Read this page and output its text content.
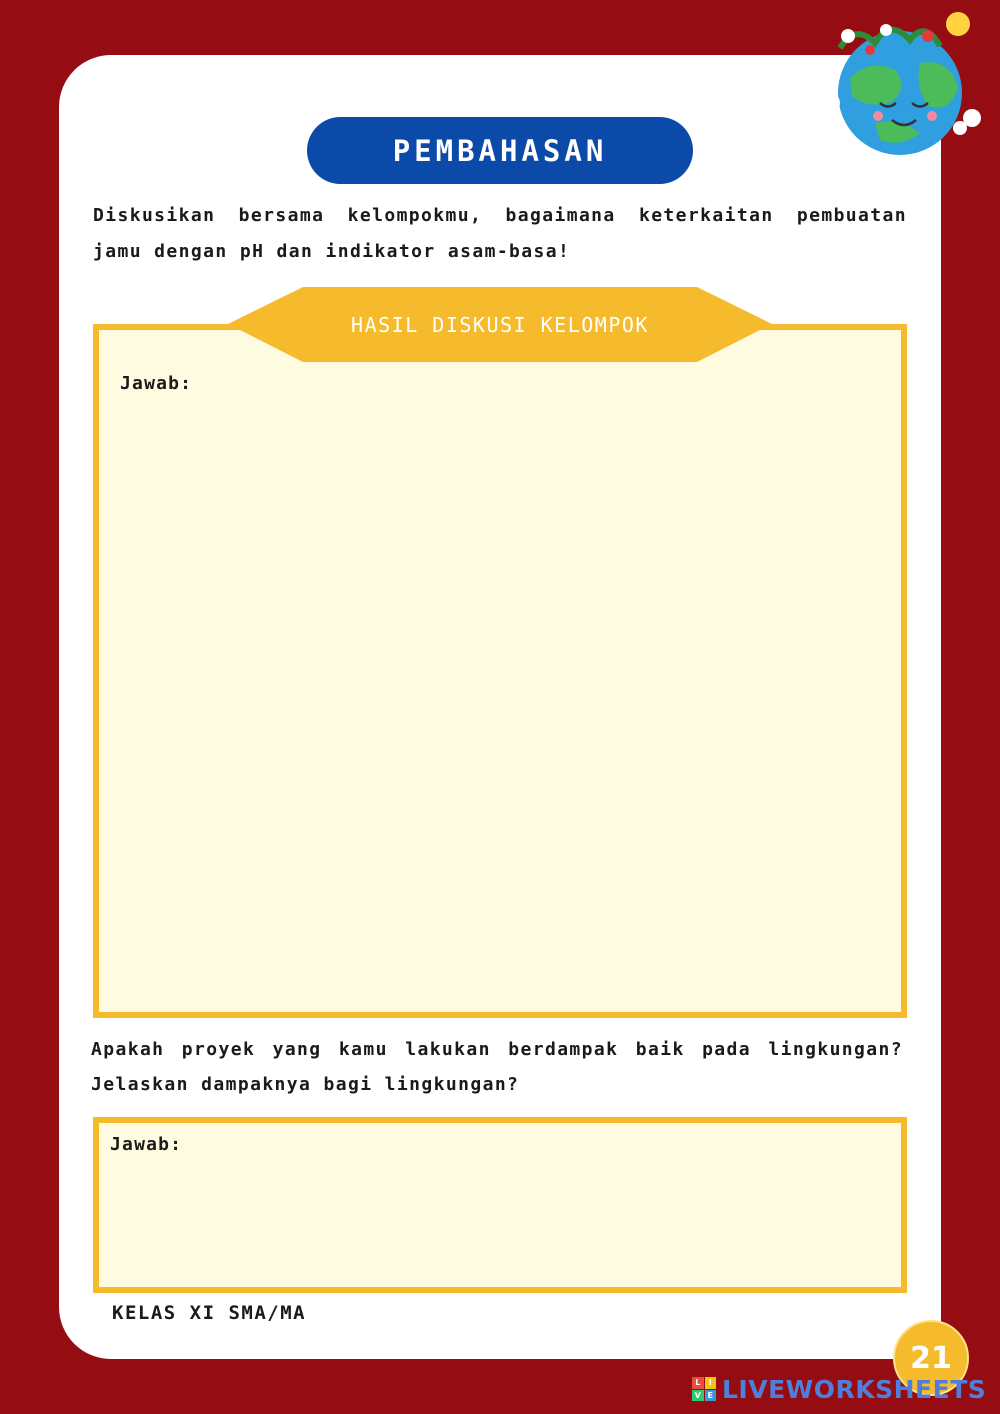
PEMBAHASAN
Diskusikan bersama kelompokmu, bagaimana keterkaitan pembuatan jamu dengan pH dan indikator asam-basa!
HASIL DISKUSI KELOMPOK
Jawab:
Apakah proyek yang kamu lakukan berdampak baik pada lingkungan? Jelaskan dampaknya bagi lingkungan?
Jawab:
KELAS XI SMA/MA
21
L	I
V E LIVEWORKSHEETS
